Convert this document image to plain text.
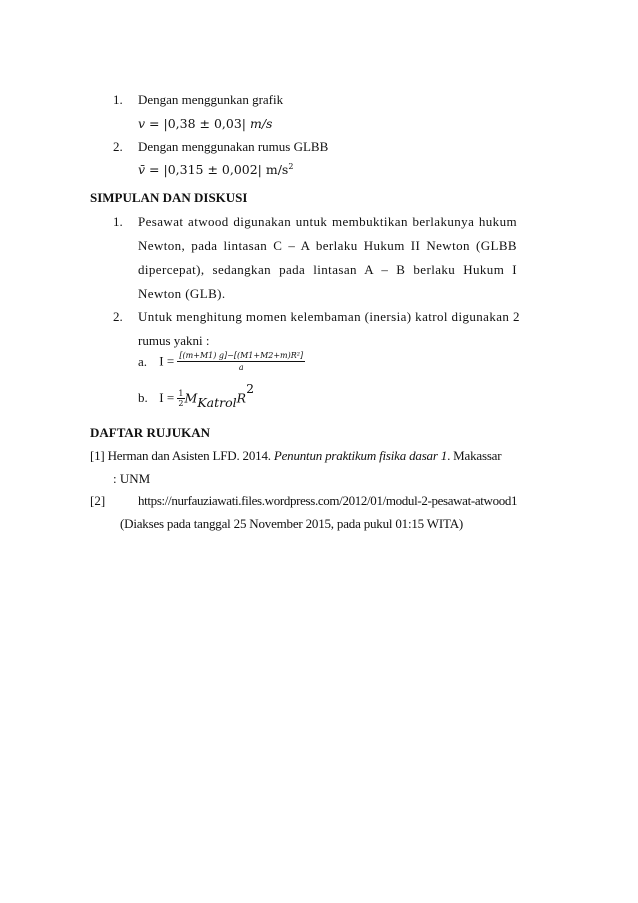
1. Dengan menggunkan grafik
v = |0,38 ± 0,03| m/s
2. Dengan menggunakan rumus GLBB
v̄ = |0,315 ± 0,002| $m/s^2$
SIMPULAN DAN DISKUSI
1. Pesawat atwood digunakan untuk membuktikan berlakunya hukum
Newton, pada lintasan C – A berlaku Hukum II Newton (GLBB
dipercepat), sedangkan pada lintasan A – B berlaku Hukum I
Newton (GLB).
2. Untuk menghitung momen kelembaman (inersia) katrol digunakan 2
rumus yakni :
a. $I = \frac{\text{[(m+M1) g]−[(M1+M2+m)R²]}}{a}$
b. $I = \frac{1}{2} M_{Katrol}R^2$
DAFTAR RUJUKAN
[1] Herman dan Asisten LFD. 2014. Penuntun praktikum fisika dasar 1. Makassar
: UNM
[2]	https://nurfauziawati.files.wordpress.com/2012/01/modul-2-pesawat-atwood1
(Diakses pada tanggal 25 November 2015, pada pukul 01:15 WITA)
